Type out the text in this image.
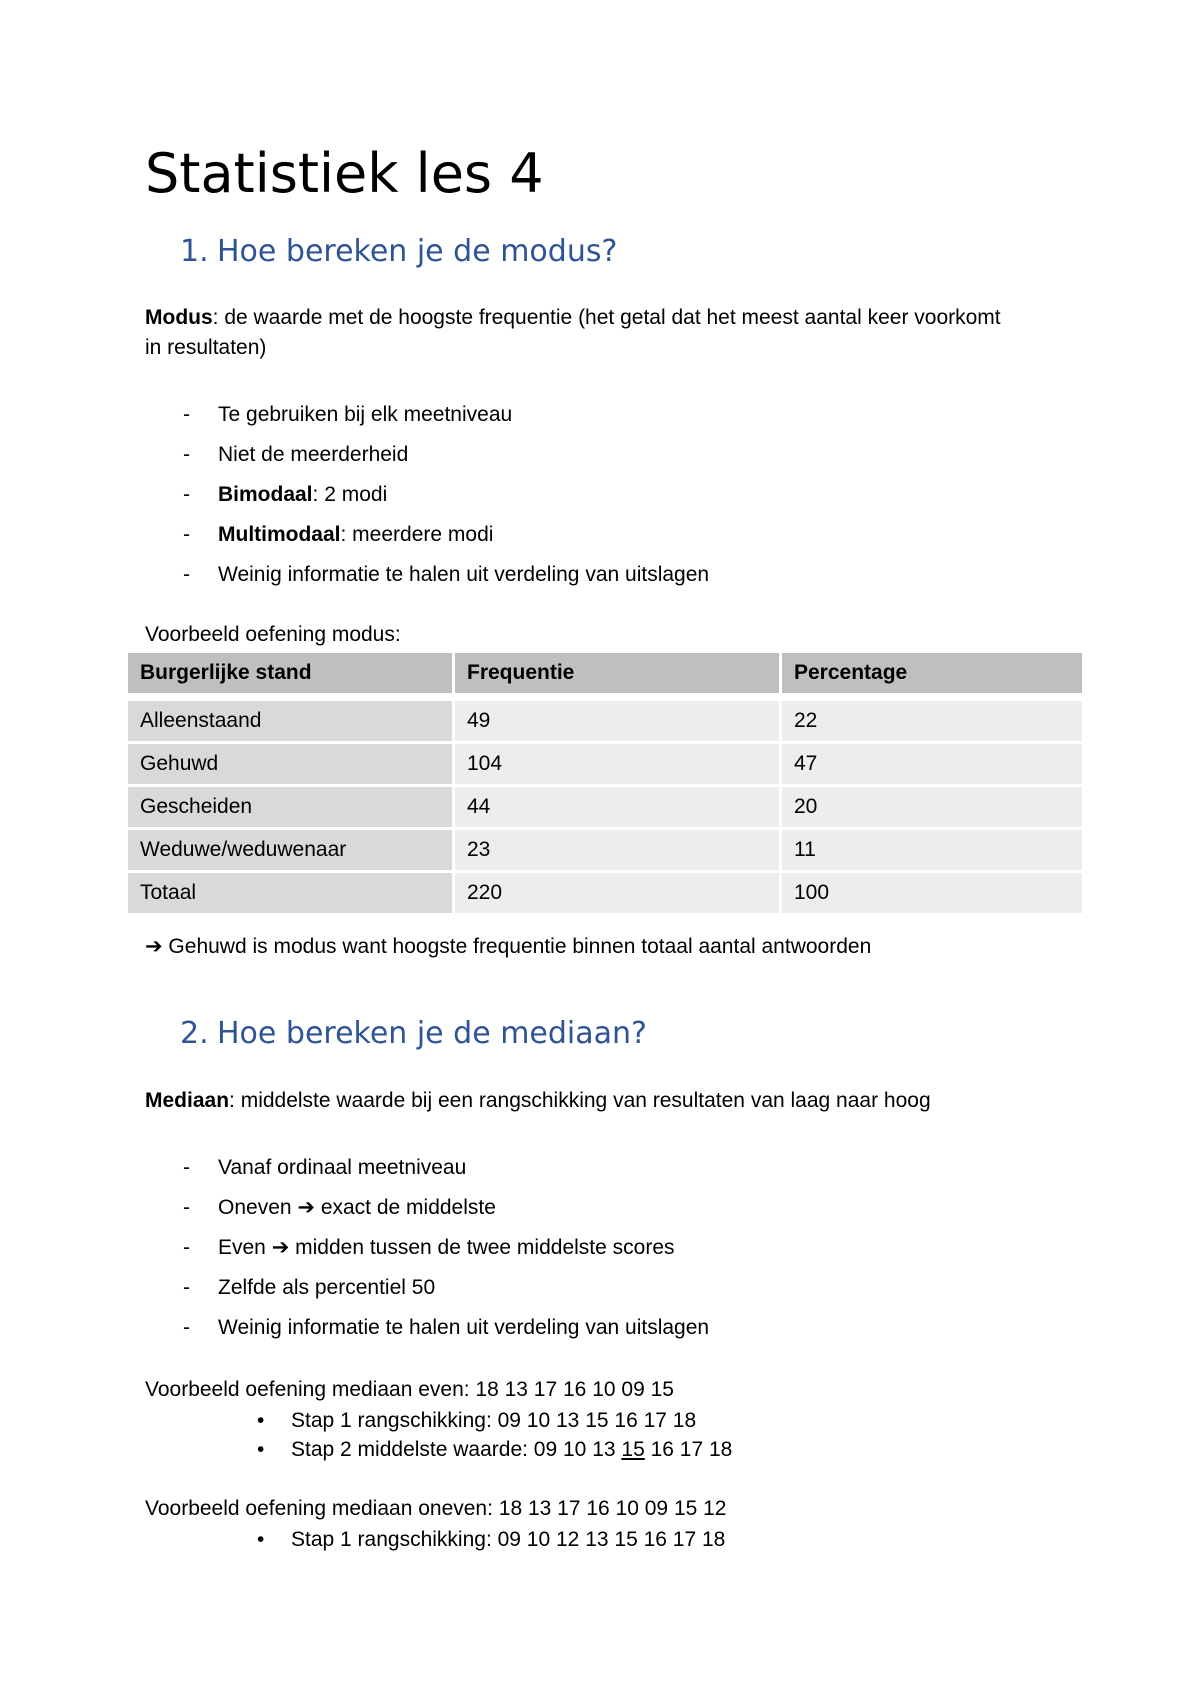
Statistiek les 4
1. Hoe bereken je de modus?
Modus: de waarde met de hoogste frequentie (het getal dat het meest aantal keer voorkomt
in resultaten)
- Te gebruiken bij elk meetniveau
- Niet de meerderheid
- Bimodaal: 2 modi
- Multimodaal: meerdere modi
- Weinig informatie te halen uit verdeling van uitslagen
Voorbeeld oefening modus:
Burgerlijke stand	Frequentie	Percentage

Alleenstaand	49	22
Gehuwd	104	47
Gescheiden	44	20
Weduwe/weduwenaar	23	11
Totaal	220	100
➔ Gehuwd is modus want hoogste frequentie binnen totaal aantal antwoorden
2. Hoe bereken je de mediaan?
Mediaan: middelste waarde bij een rangschikking van resultaten van laag naar hoog
- Vanaf ordinaal meetniveau
- Oneven ➔ exact de middelste
- Even ➔ midden tussen de twee middelste scores
- Zelfde als percentiel 50
- Weinig informatie te halen uit verdeling van uitslagen
Voorbeeld oefening mediaan even: 18 13 17 16 10 09 15
• Stap 1 rangschikking: 09 10 13 15 16 17 18
• Stap 2 middelste waarde: 09 10 13 15 16 17 18
Voorbeeld oefening mediaan oneven: 18 13 17 16 10 09 15 12
• Stap 1 rangschikking: 09 10 12 13 15 16 17 18
